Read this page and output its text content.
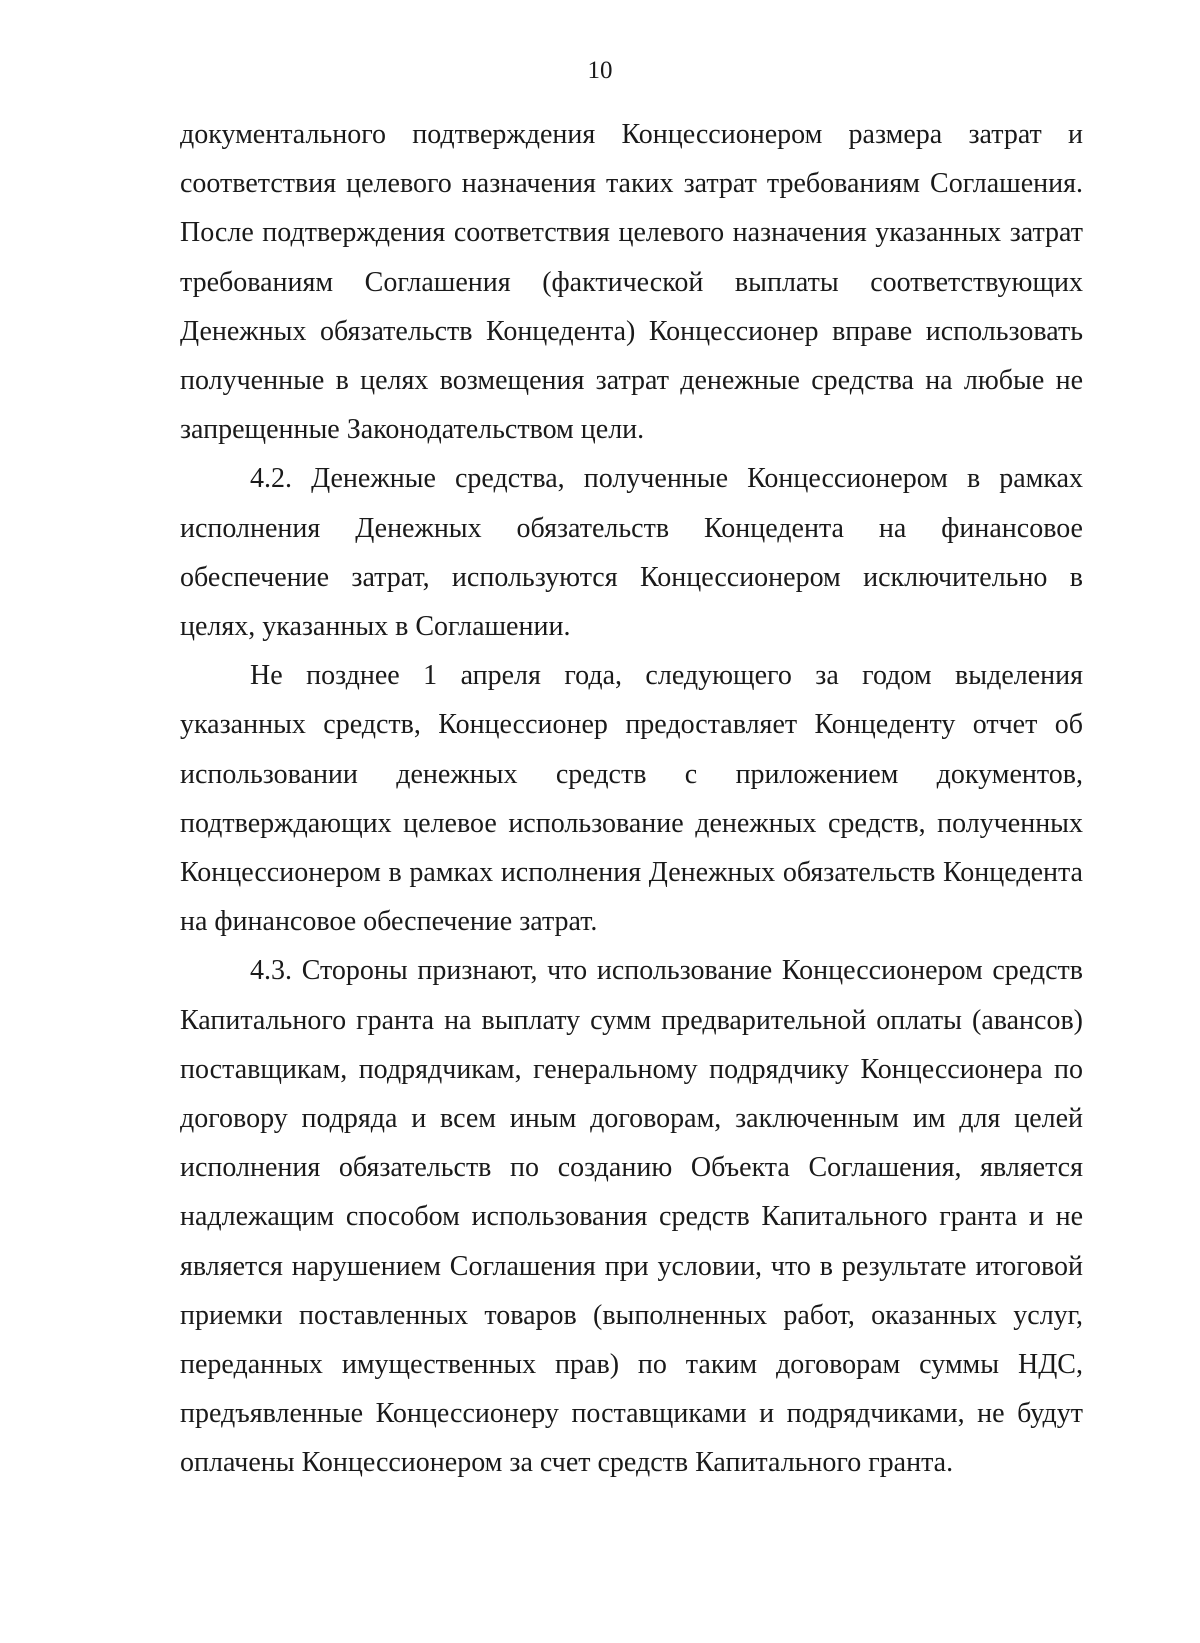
10

документального подтверждения Концессионером размера затрат и соответствия целевого назначения таких затрат требованиям Соглашения. После подтверждения соответствия целевого назначения указанных затрат требованиям Соглашения (фактической выплаты соответствующих Денежных обязательств Концедента) Концессионер вправе использовать полученные в целях возмещения затрат денежные средства на любые не запрещенные Законодательством цели.

4.2. Денежные средства, полученные Концессионером в рамках исполнения Денежных обязательств Концедента на финансовое обеспечение затрат, используются Концессионером исключительно в целях, указанных в Соглашении.

Не позднее 1 апреля года, следующего за годом выделения указанных средств, Концессионер предоставляет Концеденту отчет об использовании денежных средств с приложением документов, подтверждающих целевое использование денежных средств, полученных Концессионером в рамках исполнения Денежных обязательств Концедента на финансовое обеспечение затрат.

4.3. Стороны признают, что использование Концессионером средств Капитального гранта на выплату сумм предварительной оплаты (авансов) поставщикам, подрядчикам, генеральному подрядчику Концессионера по договору подряда и всем иным договорам, заключенным им для целей исполнения обязательств по созданию Объекта Соглашения, является надлежащим способом использования средств Капитального гранта и не является нарушением Соглашения при условии, что в результате итоговой приемки поставленных товаров (выполненных работ, оказанных услуг, переданных имущественных прав) по таким договорам суммы НДС, предъявленные Концессионеру поставщиками и подрядчиками, не будут оплачены Концессионером за счет средств Капитального гранта.
